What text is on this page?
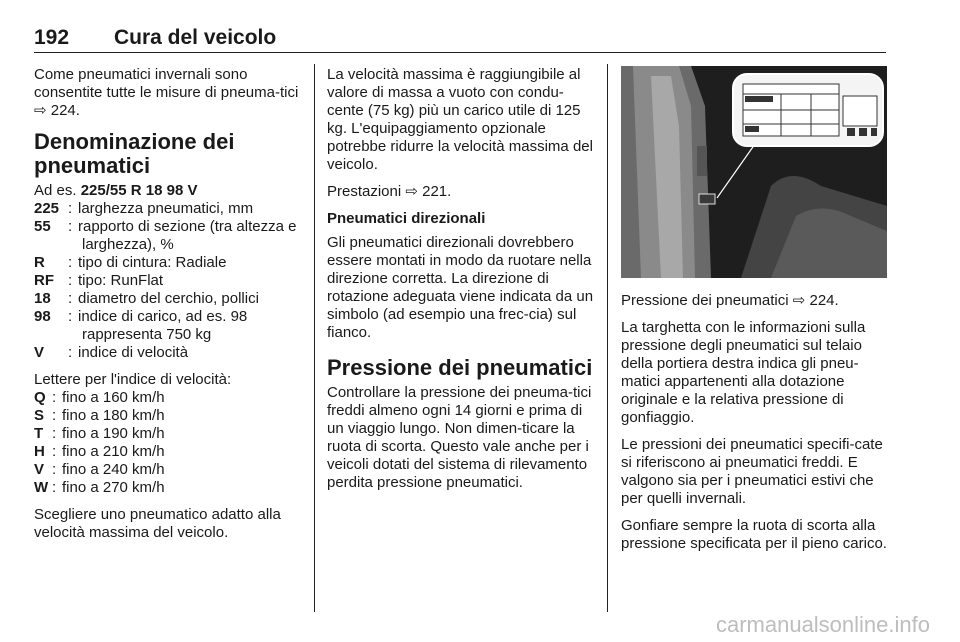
192 Cura del veicolo

Come pneumatici invernali sono consentite tutte le misure di pneuma-tici ⇨ 224.

Denominazione dei pneumatici

Ad es. 225/55 R 18 98 V

225 : larghezza pneumatici, mm
55	: rapporto di sezione (tra altezza e larghezza), %
R	: tipo di cintura: Radiale
RF : tipo: RunFlat
18	: diametro del cerchio, pollici
98	: indice di carico, ad es. 98 rappresenta 750 kg
V	: indice di velocità

Lettere per l'indice di velocità:

Q : fino a 160 km/h
S : fino a 180 km/h
T : fino a 190 km/h
H : fino a 210 km/h
V : fino a 240 km/h
W : fino a 270 km/h

Scegliere uno pneumatico adatto alla velocità massima del veicolo.

La velocità massima è raggiungibile al valore di massa a vuoto con condu-cente (75 kg) più un carico utile di 125 kg. L'equipaggiamento opzionale potrebbe ridurre la velocità massima del veicolo.

Prestazioni ⇨ 221.

Pneumatici direzionali

Gli pneumatici direzionali dovrebbero essere montati in modo da ruotare nella direzione corretta. La direzione di rotazione adeguata viene indicata da un simbolo (ad esempio una frec-cia) sul fianco.

Pressione dei pneumatici

Controllare la pressione dei pneuma-tici freddi almeno ogni 14 giorni e prima di un viaggio lungo. Non dimen-ticare la ruota di scorta. Questo vale anche per i veicoli dotati del sistema di rilevamento perdita pressione pneumatici.

Pressione dei pneumatici ⇨ 224.

La targhetta con le informazioni sulla pressione degli pneumatici sul telaio della portiera destra indica gli pneu-matici appartenenti alla dotazione originale e la relativa pressione di gonfiaggio.

Le pressioni dei pneumatici specifi-cate si riferiscono ai pneumatici freddi. E valgono sia per i pneumatici estivi che per quelli invernali.

Gonfiare sempre la ruota di scorta alla pressione specificata per il pieno carico.

carmanualsonline.info
